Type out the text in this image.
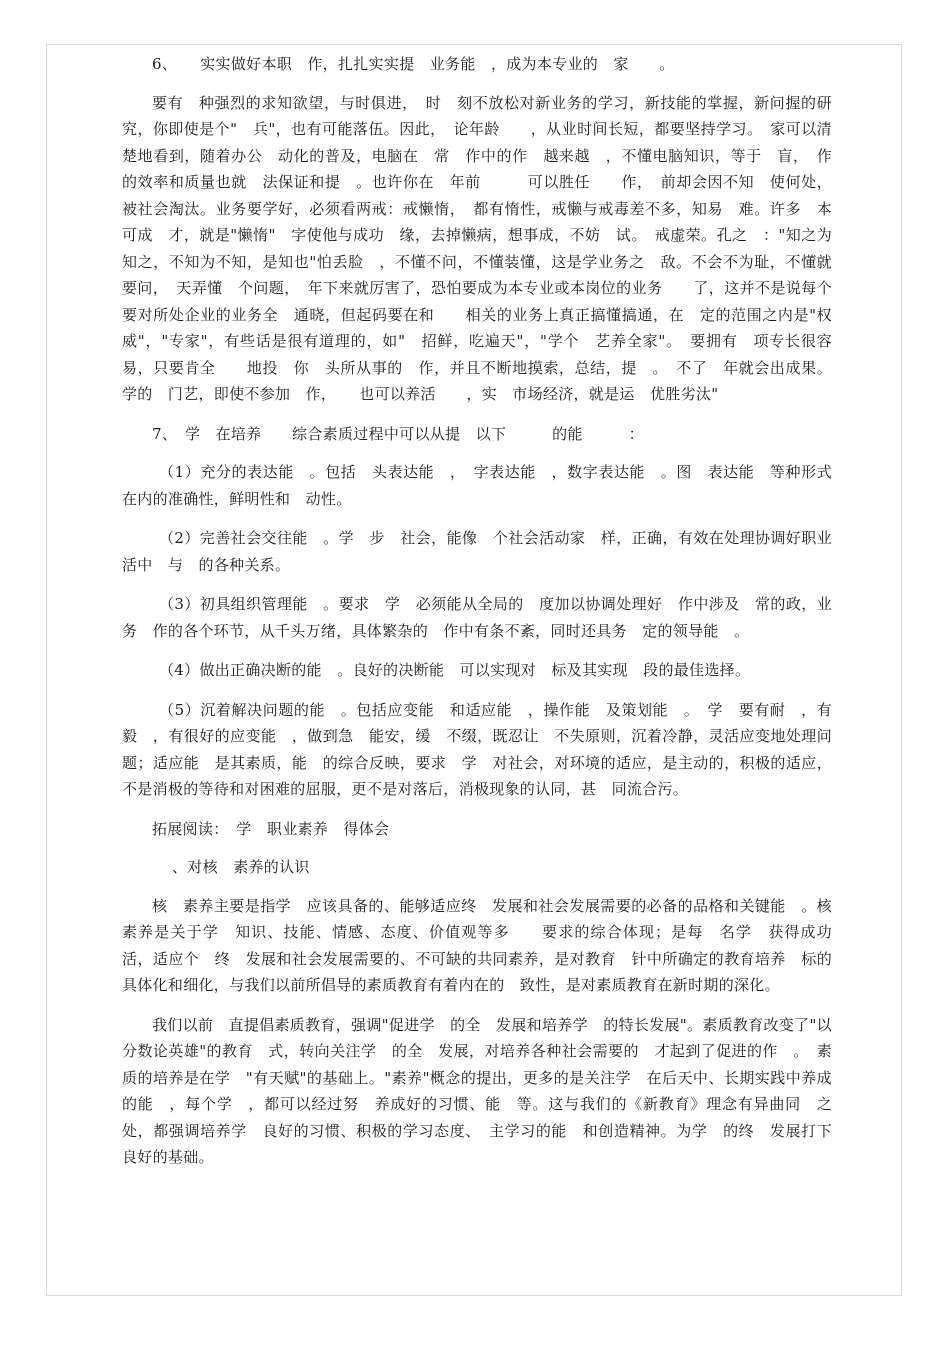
6、　　实实做好本职　作，扎扎实实提　业务能　，成为本专业的　家　　。

要有　种强烈的求知欲望，与时俱进，　时　刻不放松对新业务的学习，新技能的掌握，新问握的研究，你即使是个"　兵"，也有可能落伍。因此，　论年龄　　，从业时间长短，都要坚持学习。　家可以清楚地看到，随着办公　动化的普及，电脑在　常　作中的作　越来越　，不懂电脑知识，等于　盲，　作的效率和质量也就　法保证和提　。也许你在　年前　　　可以胜任　　作，　前却会因不知　使何处，被社会淘汰。业务要学好，必须看两戒：戒懒惰，　都有惰性，戒懒与戒毒差不多，知易　难。许多　本可成　才，就是"懒惰"　字使他与成功　缘，去掉懒病，想事成，不妨　试。　戒虚荣。孔之　："知之为知之，不知为不知，是知也"怕丢脸　，不懂不问，不懂装懂，这是学业务之　敌。不会不为耻，不懂就要问，　天弄懂　个问题，　年下来就厉害了，恐怕要成为本专业或本岗位的业务　　了，这并不是说每个　要对所处企业的业务全　通晓，但起码要在和　　相关的业务上真正搞懂搞通，在　定的范围之内是"权威"，"专家"，有些话是很有道理的，如"　招鲜，吃遍天"，"学个　艺养全家"。　要拥有　项专长很容易，只要肯全　　地投　你　头所从事的　作，并且不断地摸索，总结，提　。　不了　年就会出成果。学的　门艺，即使不参加　作，　　也可以养活　　，实　市场经济，就是运　优胜劣汰"

7、　学　在培养　　综合素质过程中可以从提　以下　　　的能　　　：

（1）充分的表达能　。包括　头表达能　，　字表达能　，数字表达能　。图　表达能　等种形式在内的准确性，鲜明性和　动性。

（2）完善社会交往能　。学　步　社会，能像　个社会活动家　样，正确，有效在处理协调好职业　活中　与　的各种关系。

（3）初具组织管理能　。要求　学　必须能从全局的　度加以协调处理好　作中涉及　常的政，业务　作的各个环节，从千头万绪，具体繁杂的　作中有条不紊，同时还具务　定的领导能　。

（4）做出正确决断的能　。良好的决断能　可以实现对　标及其实现　段的最佳选择。

（5）沉着解决问题的能　。包括应变能　和适应能　，操作能　及策划能　。　学　要有耐　，有毅　，有很好的应变能　，做到急　能安，缓　不缀，既忍让　不失原则，沉着冷静，灵活应变地处理问题；适应能　是其素质，能　的综合反映，要求　学　对社会，对环境的适应，是主动的，积极的适应，不是消极的等待和对困难的屈服，更不是对落后，消极现象的认同，甚　同流合污。

拓展阅读：　学　职业素养　得体会

、对核　素养的认识

核　素养主要是指学　应该具备的、能够适应终　发展和社会发展需要的必备的品格和关键能　。核　素养是关于学　知识、技能、情感、态度、价值观等多　　要求的综合体现；是每　名学　获得成功　活，适应个　终　发展和社会发展需要的、不可缺的共同素养，是对教育　针中所确定的教育培养　标的具体化和细化，与我们以前所倡导的素质教育有着内在的　致性，是对素质教育在新时期的深化。

我们以前　直提倡素质教育，强调"促进学　的全　发展和培养学　的特长发展"。素质教育改变了"以分数论英雄"的教育　式，转向关注学　的全　发展，对培养各种社会需要的　才起到了促进的作　。　素质的培养是在学　"有天赋"的基础上。"素养"概念的提出，更多的是关注学　在后天中、长期实践中养成的能　，每个学　，都可以经过努　养成好的习惯、能　等。这与我们的《新教育》理念有异曲同　之处，都强调培养学　良好的习惯、积极的学习态度、　主学习的能　和创造精神。为学　的终　发展打下良好的基础。
